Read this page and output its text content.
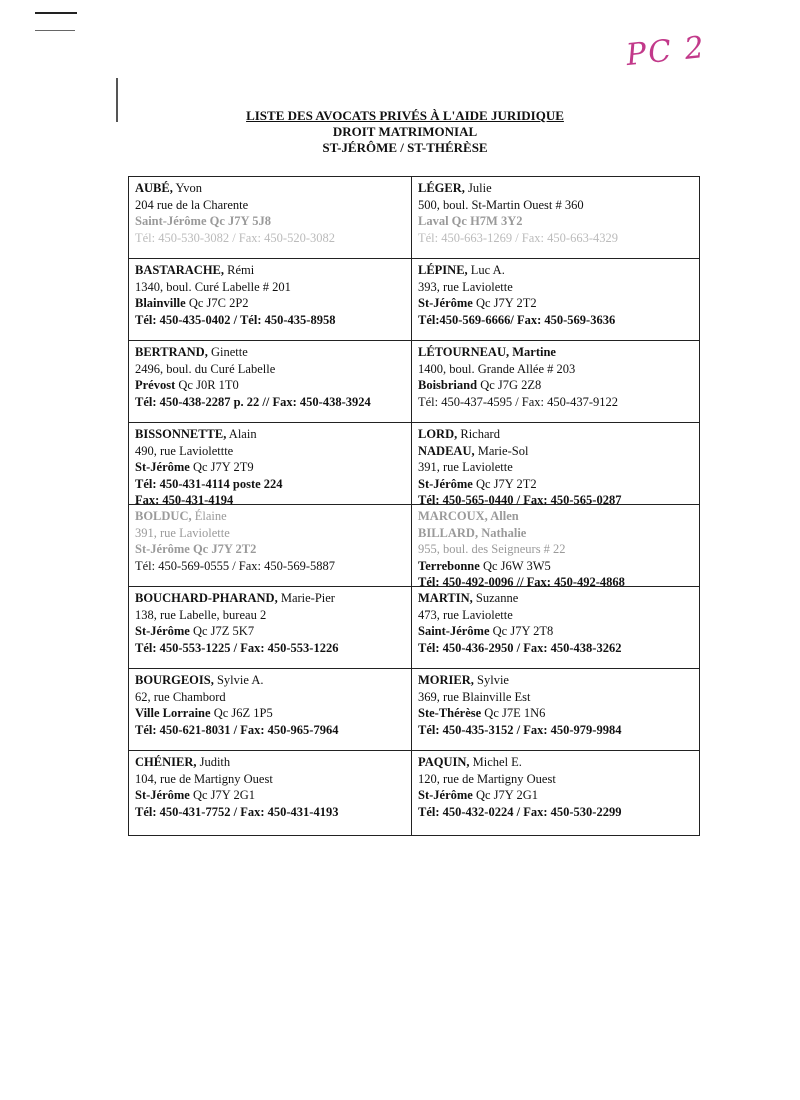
PC 2
LISTE DES AVOCATS PRIVÉS À L'AIDE JURIDIQUE
DROIT MATRIMONIAL
ST-JÉRÔME / ST-THÉRÈSE
AUBÉ, Yvon
204 rue de la Charente
Saint-Jérôme Qc J7Y 5J8
Tél: 450-530-3082 / Fax: 450-520-3082
LÉGER, Julie
500, boul. St-Martin Ouest # 360
Laval Qc H7M 3Y2
Tél: 450-663-1269 / Fax: 450-663-4329
BASTARACHE, Rémi
1340, boul. Curé Labelle # 201
Blainville Qc J7C 2P2
Tél: 450-435-0402 / Tél: 450-435-8958
LÉPINE, Luc A.
393, rue Laviolette
St-Jérôme Qc J7Y 2T2
Tél:450-569-6666/ Fax: 450-569-3636
BERTRAND, Ginette
2496, boul. du Curé Labelle
Prévost Qc J0R 1T0
Tél: 450-438-2287 p. 22 // Fax: 450-438-3924
LÉTOURNEAU, Martine
1400, boul. Grande Allée # 203
Boisbriand Qc J7G 2Z8
Tél: 450-437-4595 / Fax: 450-437-9122
BISSONNETTE, Alain
490, rue Laviolettte
St-Jérôme Qc J7Y 2T9
Tél: 450-431-4114 poste 224
Fax: 450-431-4194
LORD, Richard
NADEAU, Marie-Sol
391, rue Laviolette
St-Jérôme Qc J7Y 2T2
Tél: 450-565-0440 / Fax: 450-565-0287
BOLDUC, Élaine
391, rue Laviolette
St-Jérôme Qc J7Y 2T2
Tél: 450-569-0555 / Fax: 450-569-5887
MARCOUX, Allen
BILLARD, Nathalie
955, boul. des Seigneurs # 22
Terrebonne Qc J6W 3W5
Tél: 450-492-0096 // Fax: 450-492-4868
BOUCHARD-PHARAND, Marie-Pier
138, rue Labelle, bureau 2
St-Jérôme Qc J7Z 5K7
Tél: 450-553-1225 / Fax: 450-553-1226
MARTIN, Suzanne
473, rue Laviolette
Saint-Jérôme Qc J7Y 2T8
Tél: 450-436-2950 / Fax: 450-438-3262
BOURGEOIS, Sylvie A.
62, rue Chambord
Ville Lorraine Qc J6Z 1P5
Tél: 450-621-8031 / Fax: 450-965-7964
MORIER, Sylvie
369, rue Blainville Est
Ste-Thérèse Qc J7E 1N6
Tél: 450-435-3152 / Fax: 450-979-9984
CHÉNIER, Judith
104, rue de Martigny Ouest
St-Jérôme Qc J7Y 2G1
Tél: 450-431-7752 / Fax: 450-431-4193
PAQUIN, Michel E.
120, rue de Martigny Ouest
St-Jérôme Qc J7Y 2G1
Tél: 450-432-0224 / Fax: 450-530-2299
